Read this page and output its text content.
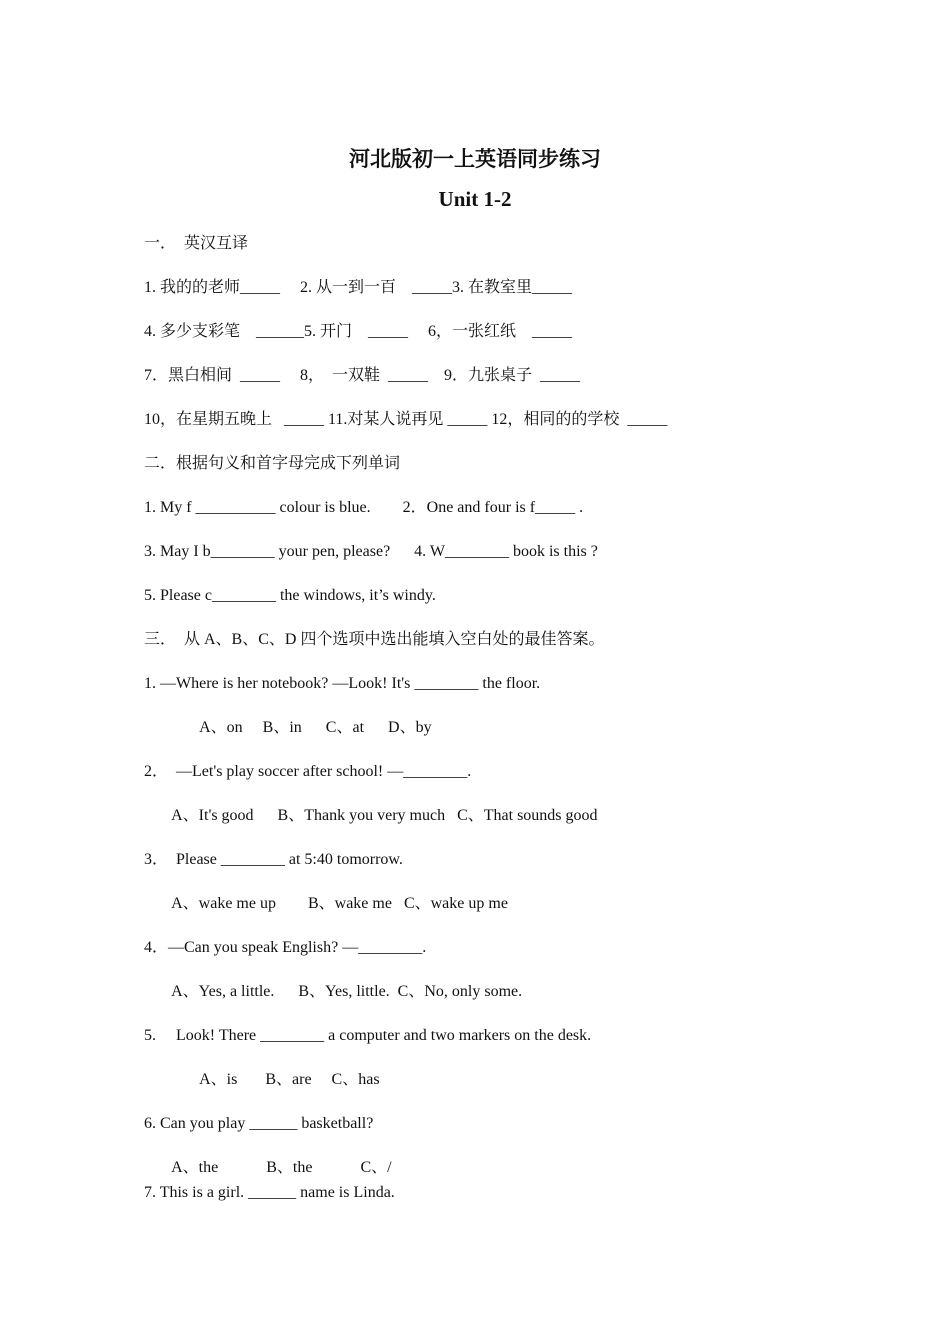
河北版初一上英语同步练习
Unit 1-2
一．  英汉互译
1. 我的的老师_____     2. 从一到一百    _____3. 在教室里_____
4. 多少支彩笔    ______5. 开门    _____     6，一张红纸    _____
7．黑白相间  _____     8，  一双鞋  _____    9．九张桌子  _____
10，在星期五晚上   _____ 11.对某人说再见 _____ 12，相同的的学校  _____
二．根据句义和首字母完成下列单词
1. My f __________ colour is blue.        2．One and four is f_____ .
3. May I b________ your pen, please?      4. W________ book is this ?
5. Please c________ the windows, it’s windy.
三．  从 A、B、C、D 四个选项中选出能填入空白处的最佳答案。
1. —Where is her notebook? —Look! It's ________ the floor.
A、on     B、in      C、at      D、by
2．  —Let's play soccer after school! —________.
A、It's good      B、Thank you very much   C、That sounds good
3．  Please ________ at 5:40 tomorrow.
A、wake me up        B、wake me   C、wake up me
4．—Can you speak English? —________.
A、Yes, a little.      B、Yes, little.  C、No, only some.
5.     Look! There ________ a computer and two markers on the desk.
A、is       B、are     C、has
6. Can you play ______ basketball?
A、the            B、the            C、/
7. This is a girl. ______ name is Linda.
